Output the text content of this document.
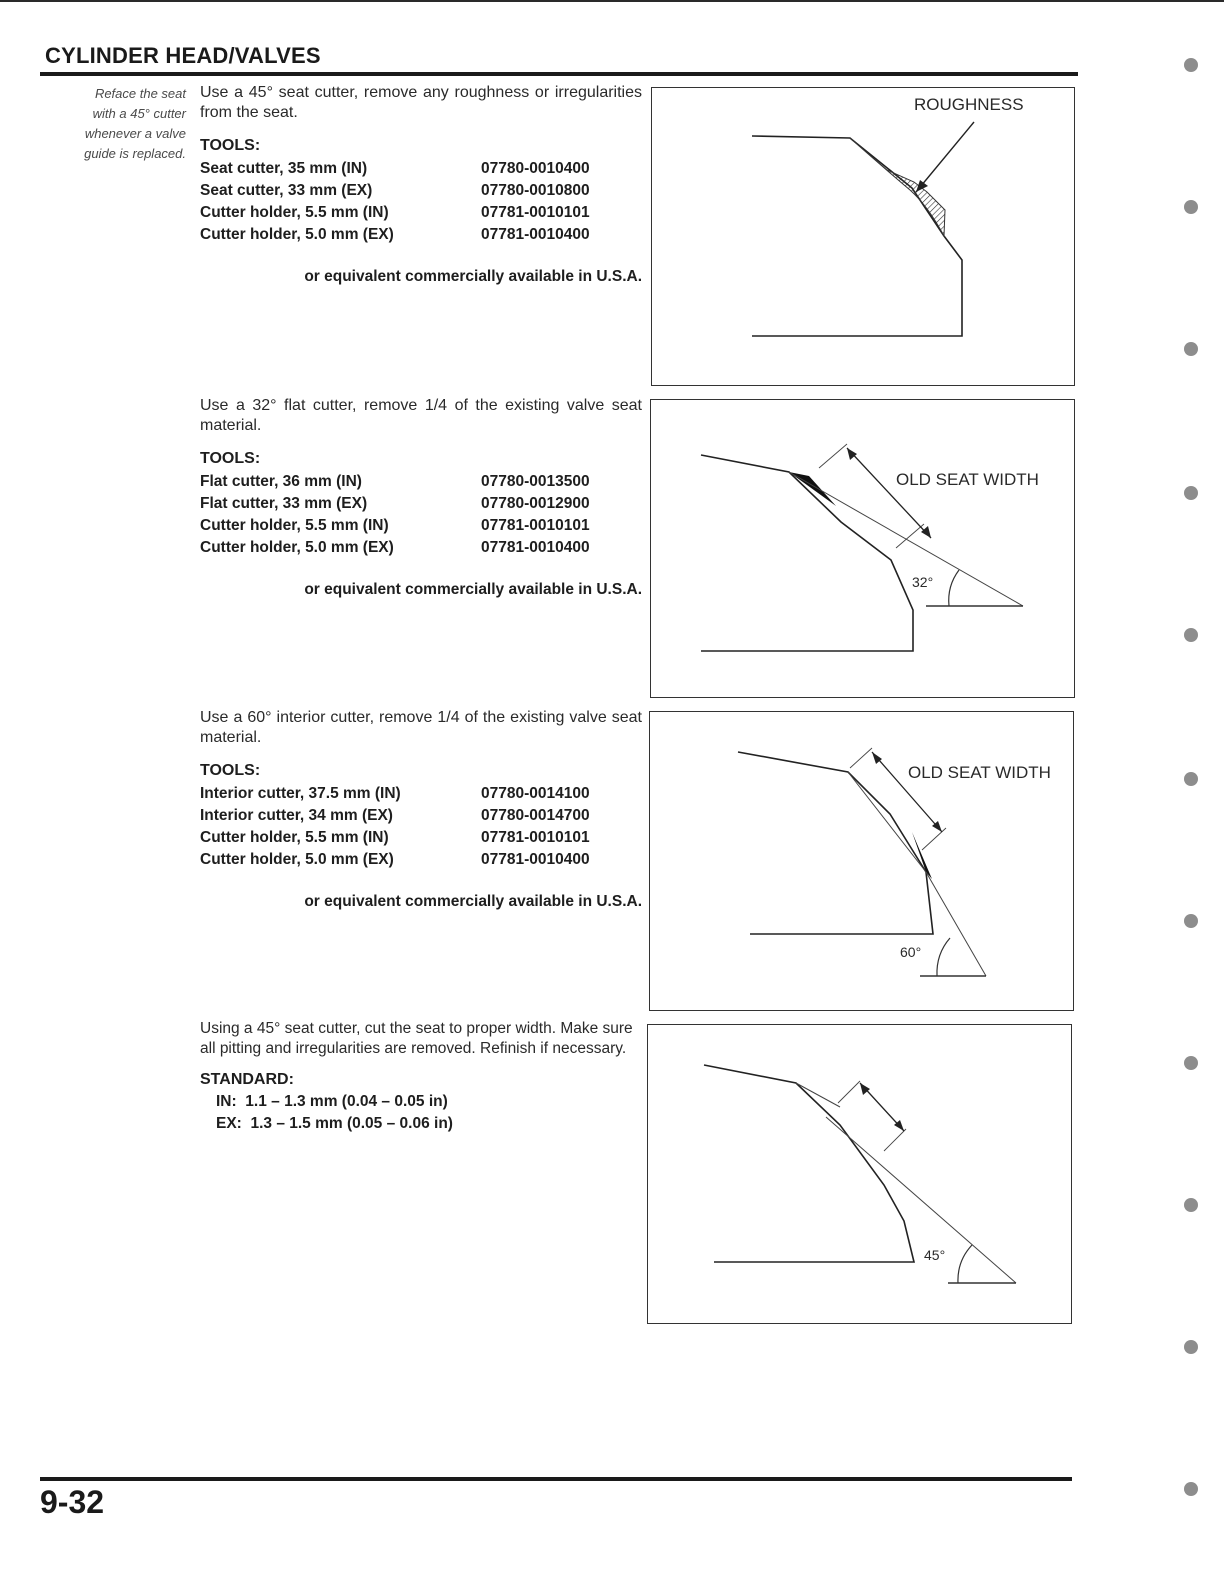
CYLINDER HEAD/VALVES
Reface the seat
with a 45° cutter
whenever a valve
guide is replaced.
Use a 45° seat cutter, remove any roughness or irregularities from the seat.
TOOLS:
Seat cutter, 35 mm (IN)	07780-0010400
Seat cutter, 33 mm (EX)	07780-0010800
Cutter holder, 5.5 mm (IN)	07781-0010101
Cutter holder, 5.0 mm (EX)	07781-0010400
or equivalent commercially available in U.S.A.
ROUGHNESS
Use a 32° flat cutter, remove 1/4 of the existing valve seat material.
TOOLS:
Flat cutter, 36 mm (IN)	07780-0013500
Flat cutter, 33 mm (EX)	07780-0012900
Cutter holder, 5.5 mm (IN)	07781-0010101
Cutter holder, 5.0 mm (EX)	07781-0010400
or equivalent commercially available in U.S.A.
OLD SEAT WIDTH
32°
Use a 60° interior cutter, remove 1/4 of the existing valve seat material.
TOOLS:
Interior cutter, 37.5 mm (IN)	07780-0014100
Interior cutter, 34 mm (EX)	07780-0014700
Cutter holder, 5.5 mm (IN)	07781-0010101
Cutter holder, 5.0 mm (EX)	07781-0010400
or equivalent commercially available in U.S.A.
OLD SEAT WIDTH
60°
Using a 45° seat cutter, cut the seat to proper width. Make sure all pitting and irregularities are removed. Refinish if necessary.
STANDARD:
IN: 1.1 – 1.3 mm (0.04 – 0.05 in)
EX: 1.3 – 1.5 mm (0.05 – 0.06 in)
45°
9-32
